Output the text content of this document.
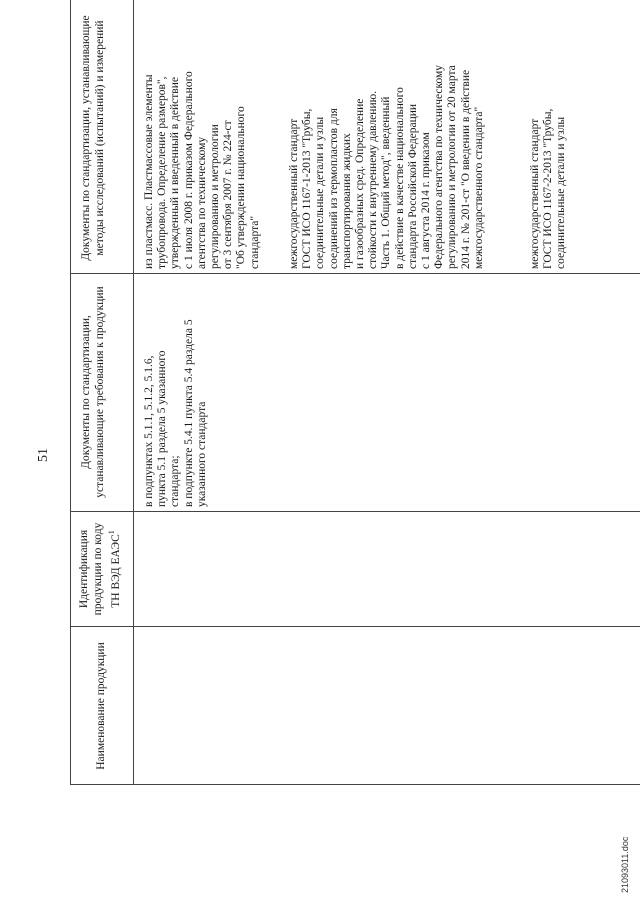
51
Наименование продукции
Идентификация продукции по коду ТН ВЭД ЕАЭС$^1$
Документы по стандартизации, устанавливающие требования к продукции
Документы по стандартизации, устанавливающие методы исследований (испытаний) и измерений
в подпунктах 5.1.1, 5.1.2, 5.1.6,
пункта 5.1 раздела 5 указанного
стандарта;
в подпункте 5.4.1 пункта 5.4 раздела 5
указанного стандарта
из пластмасс. Пластмассовые элементы
трубопровода. Определение размеров",
утвержденный и введенный в действие
с 1 июля 2008 г. приказом Федерального
агентства по техническому
регулированию и метрологии
от 3 сентября 2007 г. № 224-ст
"Об утверждении национального
стандарта" межгосударственный стандарт
ГОСТ ИСО 1167-1-2013 "Трубы,
соединительные детали и узлы
соединений из термопластов для
транспортирования жидких
и газообразных сред. Определение
стойкости к внутреннему давлению.
Часть 1. Общий метод", введенный
в действие в качестве национального
стандарта Российской Федерации
с 1 августа 2014 г. приказом
Федерального агентства по техническому
регулированию и метрологии от 20 марта
2014 г. № 201-ст "О введении в действие
межгосударственного стандарта"
межгосударственный стандарт
ГОСТ ИСО 1167-2-2013 "Трубы,
соединительные детали и узлы
21093011.doc
